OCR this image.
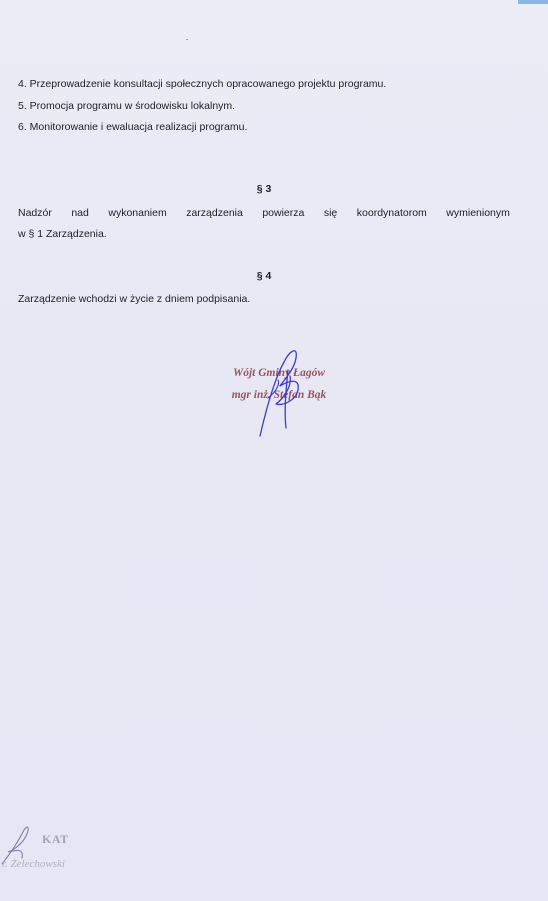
4. Przeprowadzenie konsultacji społecznych opracowanego projektu programu.
5. Promocja programu w środowisku lokalnym.
6. Monitorowanie i ewaluacja realizacji programu.
§ 3
Nadzór nad wykonaniem zarządzenia powierza się koordynatorom wymienionym
w § 1 Zarządzenia.
§ 4
Zarządzenie wchodzi w życie z dniem podpisania.
Wójt Gminy Łagów
mgr inż. Stefan Bąk
KAT
r. Żelechowski
